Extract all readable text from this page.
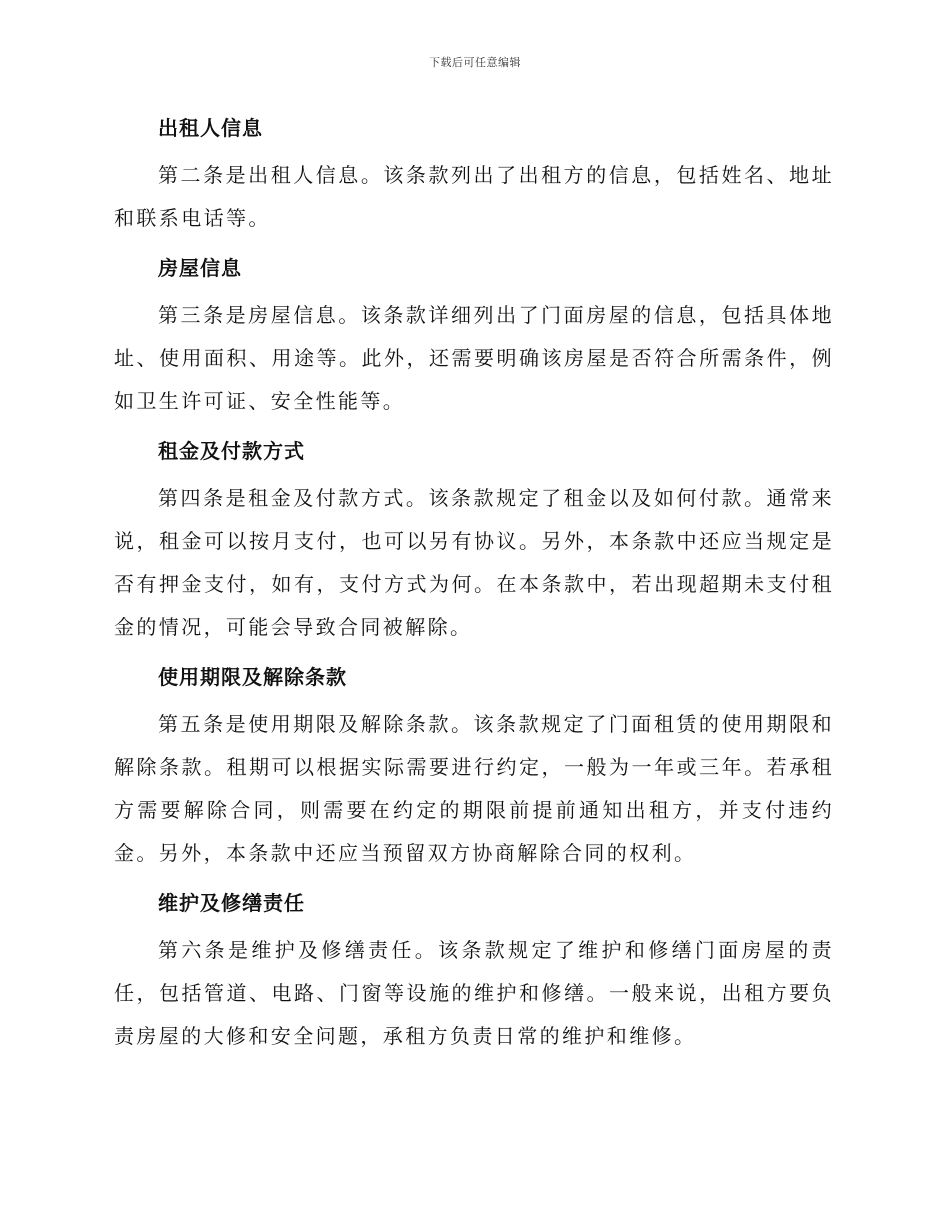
下载后可任意编辑
出租人信息

第二条是出租人信息。该条款列出了出租方的信息，包括姓名、地址和联系电话等。

房屋信息

第三条是房屋信息。该条款详细列出了门面房屋的信息，包括具体地址、使用面积、用途等。此外，还需要明确该房屋是否符合所需条件，例如卫生许可证、安全性能等。

租金及付款方式

第四条是租金及付款方式。该条款规定了租金以及如何付款。通常来说，租金可以按月支付，也可以另有协议。另外，本条款中还应当规定是否有押金支付，如有，支付方式为何。在本条款中，若出现超期未支付租金的情况，可能会导致合同被解除。

使用期限及解除条款

第五条是使用期限及解除条款。该条款规定了门面租赁的使用期限和解除条款。租期可以根据实际需要进行约定，一般为一年或三年。若承租方需要解除合同，则需要在约定的期限前提前通知出租方，并支付违约金。另外，本条款中还应当预留双方协商解除合同的权利。

维护及修缮责任

第六条是维护及修缮责任。该条款规定了维护和修缮门面房屋的责任，包括管道、电路、门窗等设施的维护和修缮。一般来说，出租方要负责房屋的大修和安全问题，承租方负责日常的维护和维修。
